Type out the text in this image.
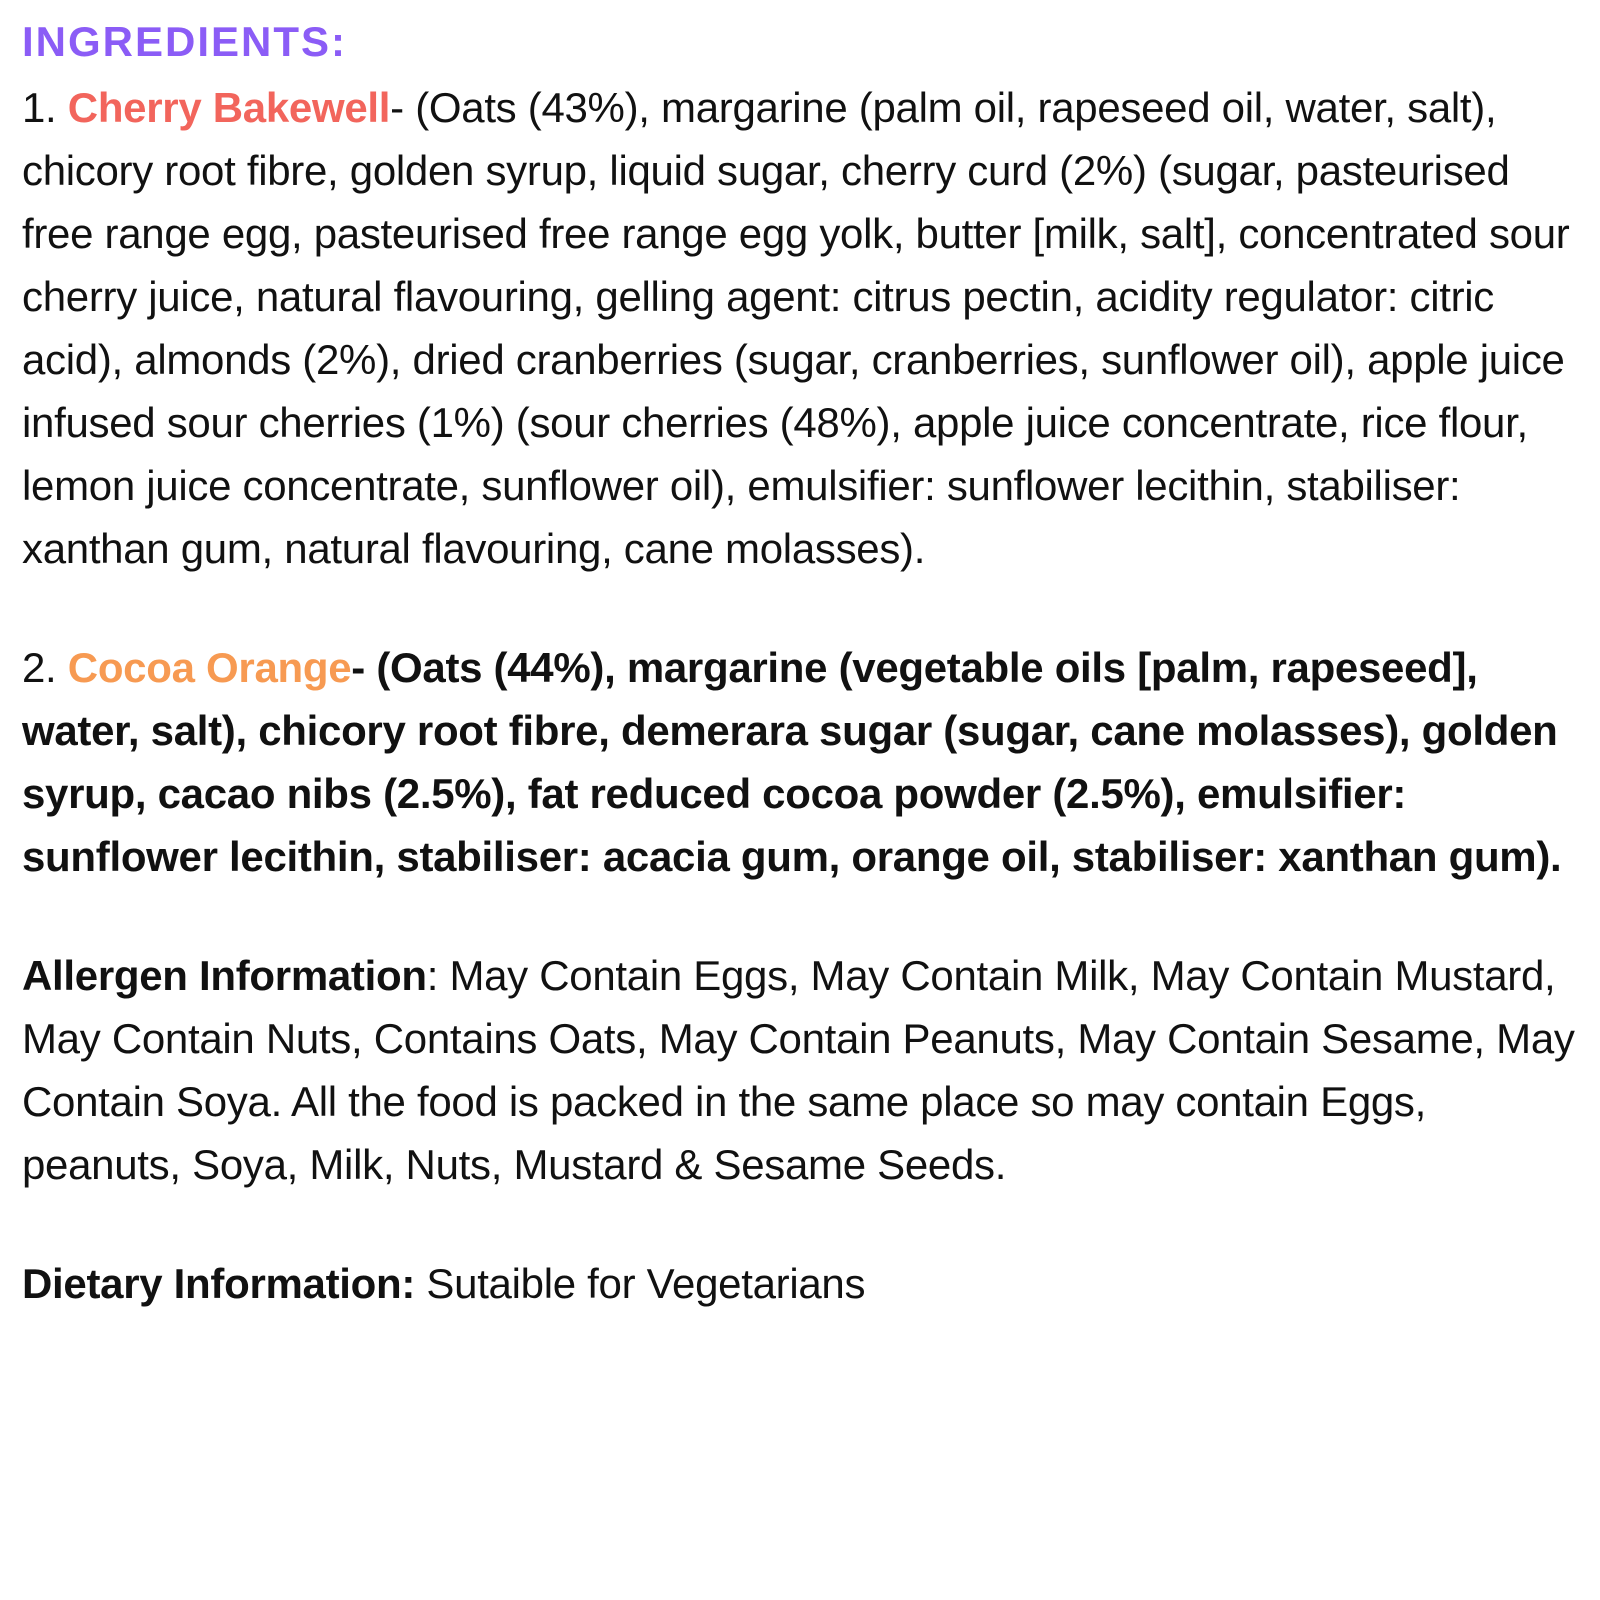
INGREDIENTS:

1. Cherry Bakewell- (Oats (43%), margarine (palm oil, rapeseed oil, water, salt), chicory root fibre, golden syrup, liquid sugar, cherry curd (2%) (sugar, pasteurised free range egg, pasteurised free range egg yolk, butter [milk, salt], concentrated sour cherry juice, natural flavouring, gelling agent: citrus pectin, acidity regulator: citric acid), almonds (2%), dried cranberries (sugar, cranberries, sunflower oil), apple juice infused sour cherries (1%) (sour cherries (48%), apple juice concentrate, rice flour, lemon juice concentrate, sunflower oil), emulsifier: sunflower lecithin, stabiliser: xanthan gum, natural flavouring, cane molasses).

2. Cocoa Orange- (Oats (44%), margarine (vegetable oils [palm, rapeseed], water, salt), chicory root fibre, demerara sugar (sugar, cane molasses), golden syrup, cacao nibs (2.5%), fat reduced cocoa powder (2.5%), emulsifier: sunflower lecithin, stabiliser: acacia gum, orange oil, stabiliser: xanthan gum).

Allergen Information: May Contain Eggs, May Contain Milk, May Contain Mustard, May Contain Nuts, Contains Oats, May Contain Peanuts, May Contain Sesame, May Contain Soya. All the food is packed in the same place so may contain Eggs, peanuts, Soya, Milk, Nuts, Mustard & Sesame Seeds.

Dietary Information: Sutaible for Vegetarians
